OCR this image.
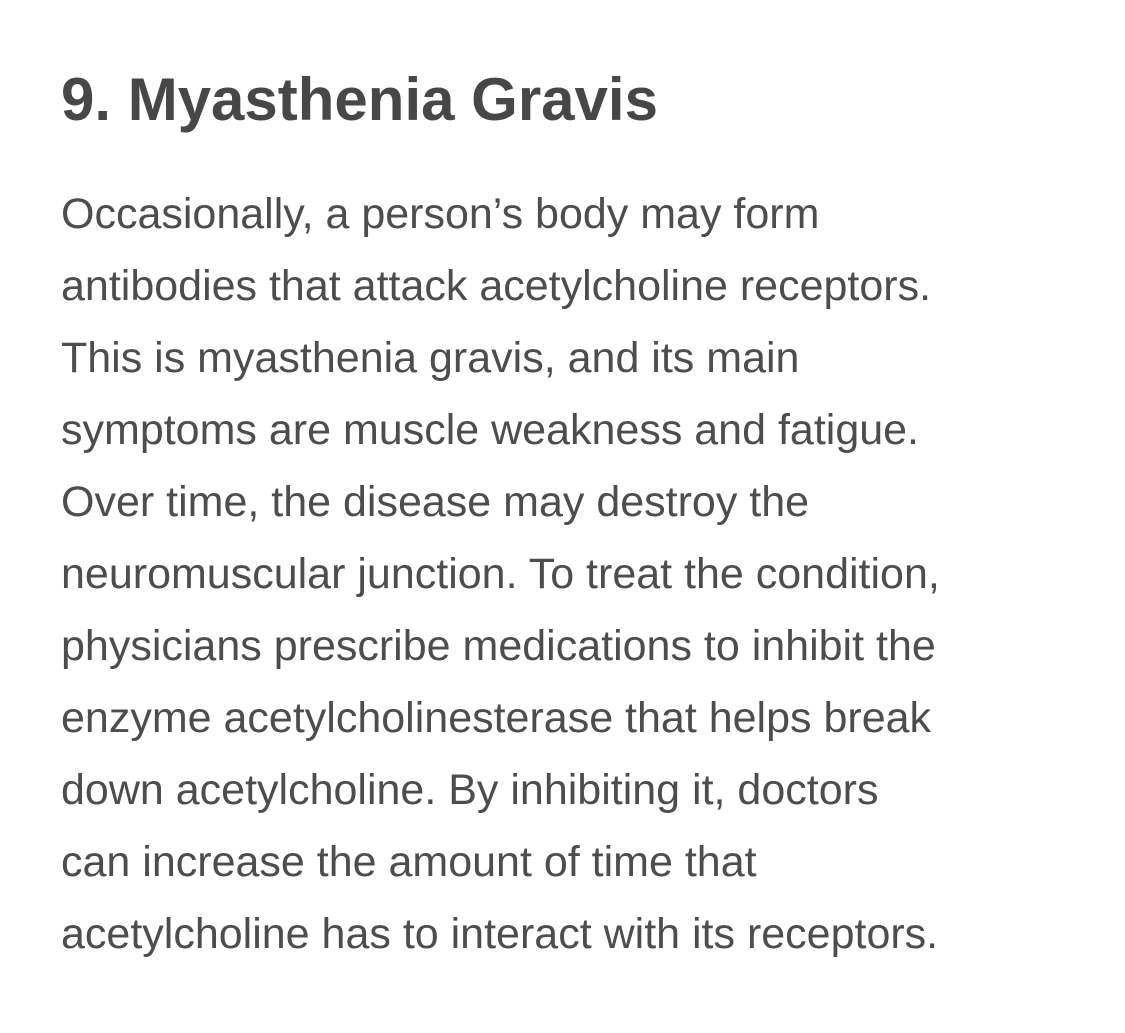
9. Myasthenia Gravis

Occasionally, a person’s body may form
antibodies that attack acetylcholine receptors.
This is myasthenia gravis, and its main
symptoms are muscle weakness and fatigue.
Over time, the disease may destroy the
neuromuscular junction. To treat the condition,
physicians prescribe medications to inhibit the
enzyme acetylcholinesterase that helps break
down acetylcholine. By inhibiting it, doctors
can increase the amount of time that
acetylcholine has to interact with its receptors.
